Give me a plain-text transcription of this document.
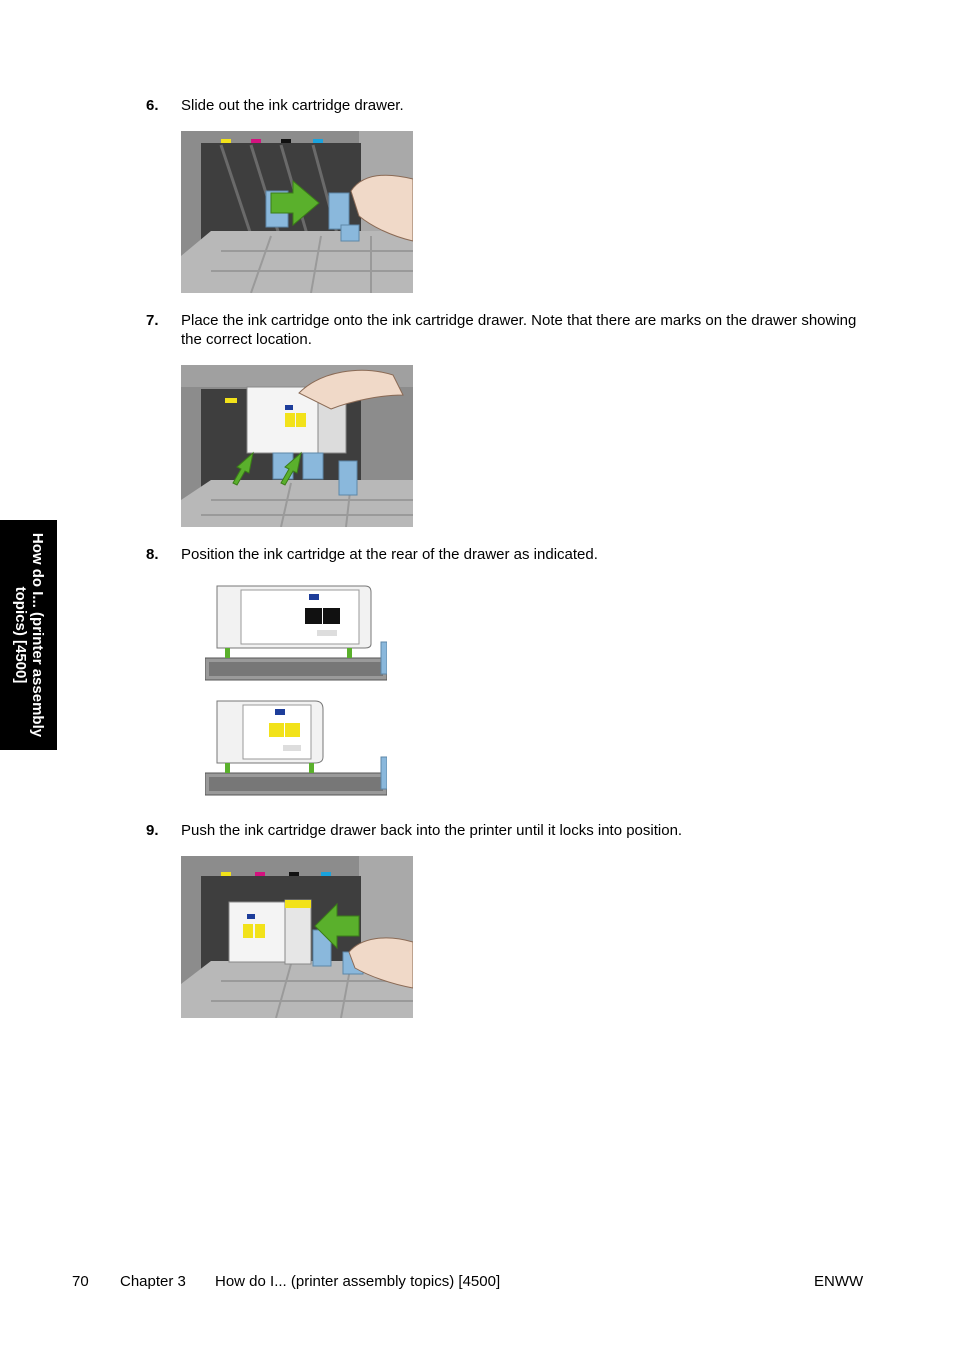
6. Slide out the ink cartridge drawer.
7. Place the ink cartridge onto the ink cartridge drawer. Note that there are marks on the drawer showing the correct location.
8. Position the ink cartridge at the rear of the drawer as indicated.
9. Push the ink cartridge drawer back into the printer until it locks into position.
How do I... (printer assembly topics) [4500]
70 Chapter 3 How do I... (printer assembly topics) [4500]	ENWW
